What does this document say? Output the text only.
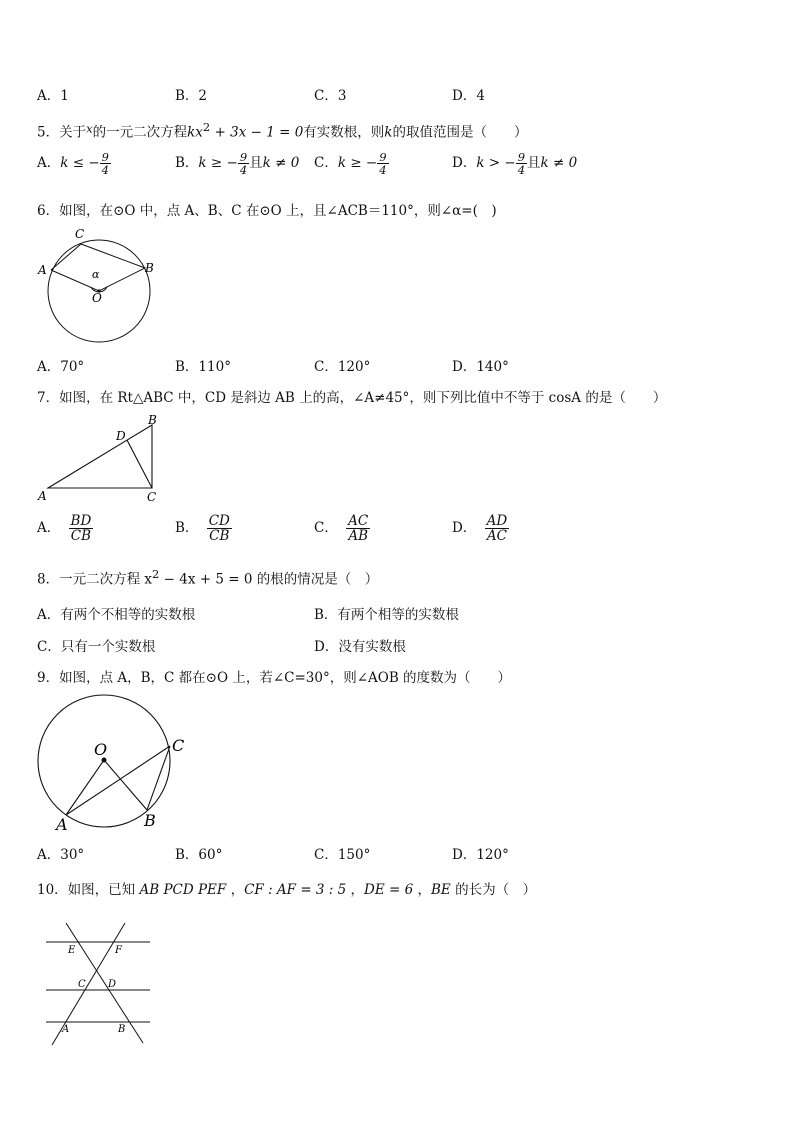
A．1	B．2	C．3	D．4
5．关于x的一元二次方程$kx^2 + 3x - 1 = 0$有实数根，则k的取值范围是（　　）
A．k ≤ − $\frac{9}{4}$	B．k ≥ − $\frac{9}{4}$ 且k ≠ 0 C．k ≥ − $\frac{9}{4}$	D．k > − $\frac{9}{4}$ 且k ≠ 0
6．如图，在⊙O 中，点 A、B、C 在⊙O 上，且∠ACB＝110°，则∠α=(　)
C
A	B
α
O
A．70°	B．110°	C．120°	D．140°
7．如图，在 Rt△ABC 中，CD 是斜边 AB 上的高，∠A≠45°，则下列比值中不等于 cosA 的是（　　）
A	C
B
D
A． $\frac{BD}{CB}$	B． $\frac{CD}{CB}$	C． $\frac{AC}{AB}$	D． $\frac{AD}{AC}$
8．一元二次方程 $x^2 - 4x + 5 = 0$ 的根的情况是（　）
A．有两个不相等的实数根	B．有两个相等的实数根
C．只有一个实数根	D．没有实数根
9．如图，点 A，B，C 都在⊙O 上，若∠C=30°，则∠AOB 的度数为（　　）
O	C
A	B
A．30°	B．60°	C．150°	D．120°
10．如图，已知 AB PCD PEF ，CF : AF = 3 : 5 ，DE = 6 ，BE 的长为（　）
E	F
C D
A	B
